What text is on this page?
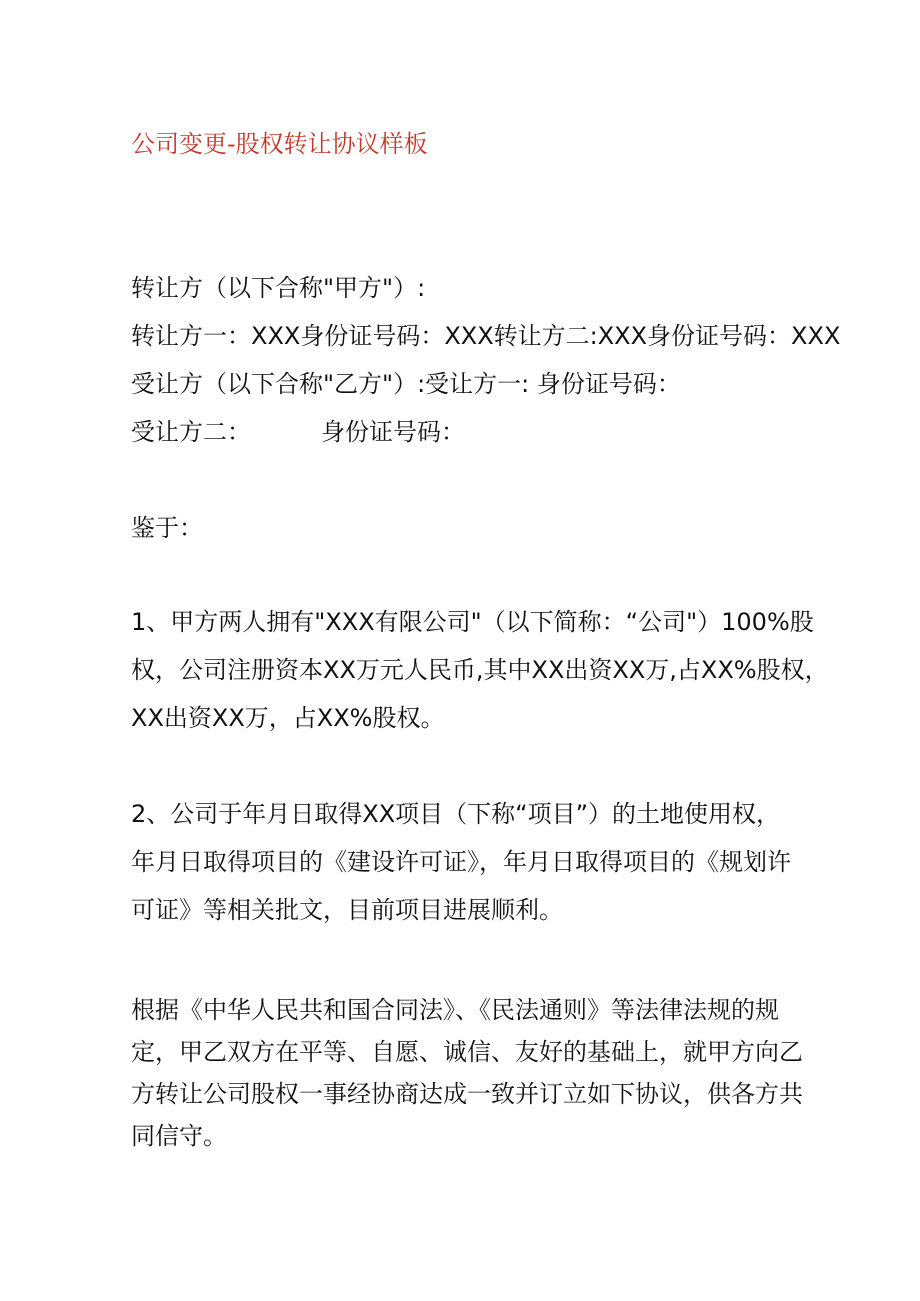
公司变更-股权转让协议样板
转让方（以下合称"甲方"）:
转让方一：XXX身份证号码：XXX转让方二:XXX身份证号码：XXX
受让方（以下合称"乙方"）:受让方一: 身份证号码：
受让方二：	身份证号码：
鉴于：
1、甲方两人拥有"XXX有限公司"（以下简称：“公司"）100%股
权，公司注册资本XX万元人民币,其中XX出资XX万,占XX%股权，
XX出资XX万，占XX%股权。
2、公司于年月日取得XX项目（下称“项目”）的土地使用权，
年月日取得项目的《建设许可证》，年月日取得项目的《规划许
可证》等相关批文，目前项目进展顺利。
根据《中华人民共和国合同法》、《民法通则》等法律法规的规
定，甲乙双方在平等、自愿、诚信、友好的基础上，就甲方向乙
方转让公司股权一事经协商达成一致并订立如下协议，供各方共
同信守。
